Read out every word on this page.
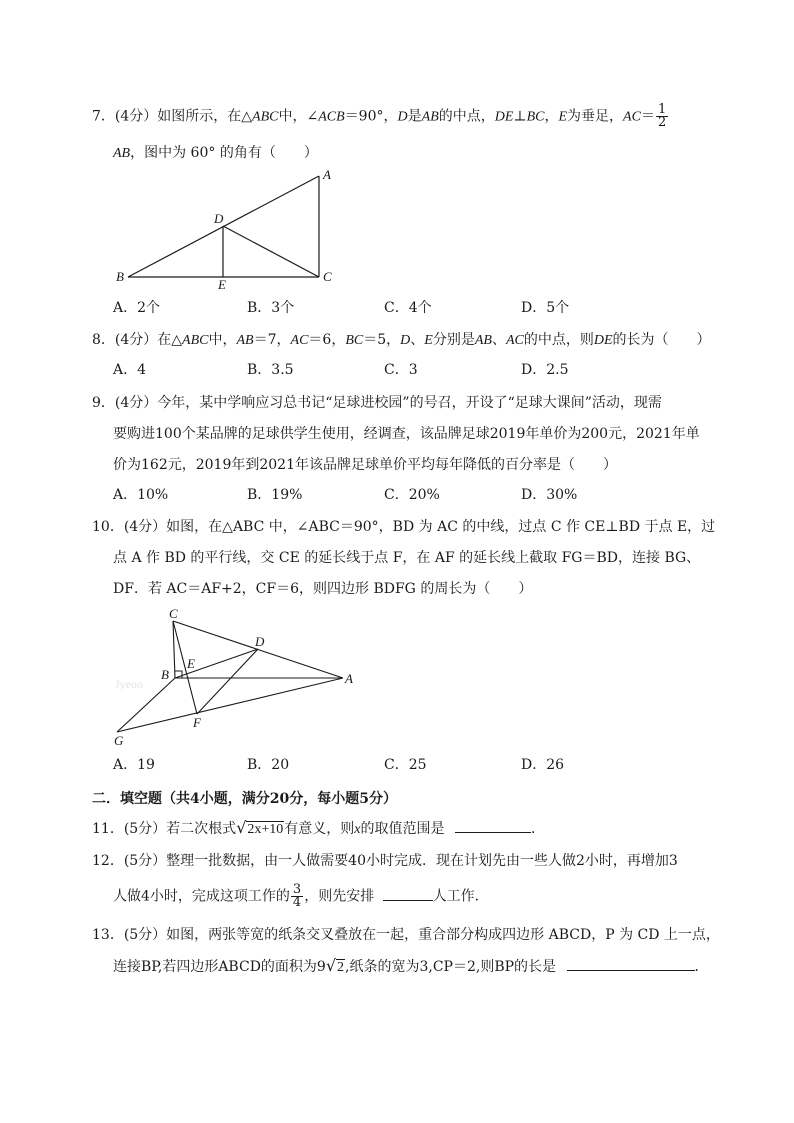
7．(4分）如图所示，在△ABC中，∠ACB＝90°，D是AB的中点，DE⊥BC，E为垂足，$AC= \frac{1}{2}$
AB，图中为 60° 的角有（　　）
A
B	C
D
E
A．2个	B．3个	C．4个	D．5个
8．(4分）在△ABC中，AB＝7，AC＝6，BC＝5，D、E分别是AB、AC的中点，则DE的长为（　　）
A．4	B．3.5	C．3	D．2.5
9．(4分）今年，某中学响应习总书记“足球进校园”的号召，开设了“足球大课间”活动，现需
要购进100个某品牌的足球供学生使用，经调查，该品牌足球2019年单价为200元，2021年单
价为162元，2019年到2021年该品牌足球单价平均每年降低的百分率是（　　）
A．10%	B．19%	C．20%	D．30%
10．(4分）如图，在△ABC 中，∠ABC＝90°，BD 为 AC 的中线，过点 C 作 CE⊥BD 于点 E，过
点 A 作 BD 的平行线，交 CE 的延长线于点 F，在 AF 的延长线上截取 FG＝BD，连接 BG、
DF．若 AC＝AF+2，CF＝6，则四边形 BDFG 的周长为（　　）
Jyeoo
C
D
E
B	A
F
G
A．19	B．20	C．25	D．26
二．填空题（共4小题，满分20分，每小题5分）
11．(5分）若二次根式√2x+10有意义，则x的取值范围是	．
12．(5分）整理一批数据，由一人做需要40小时完成．现在计划先由一些人做2小时，再增加3
人做4小时，完成这项工作的 $\frac{3}{4}$ ，则先安排	人工作．
13．(5分）如图，两张等宽的纸条交叉叠放在一起，重合部分构成四边形 ABCD，P 为 CD 上一点，
连接BP,若四边形ABCD的面积为9√2,纸条的宽为3,CP＝2,则BP的长是	．
